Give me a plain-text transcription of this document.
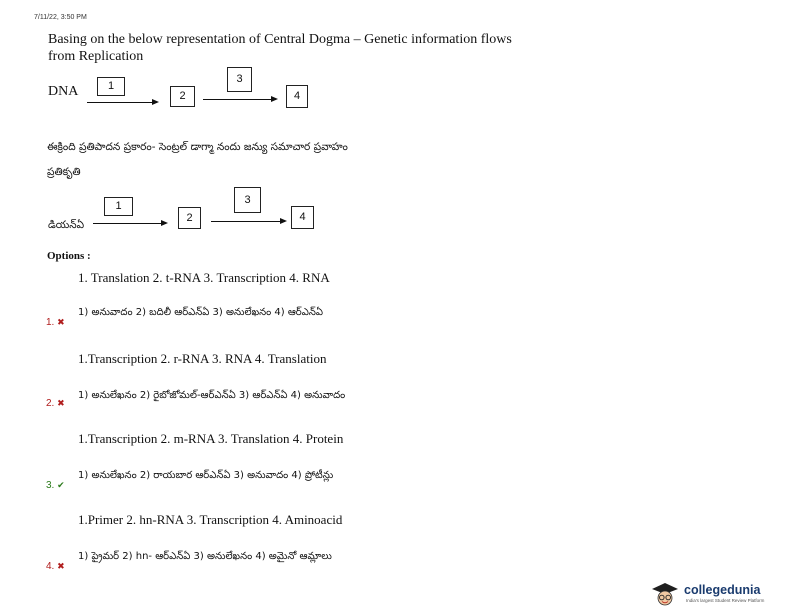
7/11/22, 3:50 PM
Basing on the below representation of Central Dogma – Genetic information flows
from Replication
DNA	1
2
3
4
ఈక్రింది ప్రతిపాదన ప్రకారం- సెంట్రల్ డాగ్మా నందు జన్యు సమాచార ప్రవాహం
ప్రతికృతి
డియన్ఏ
1
2
3
4
Options :
1. Translation 2. t-RNA 3. Transcription 4. RNA
1) అనువాదం 2) బదిలీ ఆర్ఎన్ఏ 3) అనులేఖనం 4) ఆర్ఎన్ఏ
1. ✖
1.Transcription 2. r-RNA 3. RNA 4. Translation
1) అనులేఖనం 2) రైబోజోమల్-ఆర్ఎన్ఏ 3) ఆర్ఎన్ఏ 4) అనువాదం
2. ✖
1.Transcription 2. m-RNA 3. Translation 4. Protein
1) అనులేఖనం 2) రాయబార ఆర్ఎన్ఏ 3) అనువాదం 4) ప్రోటీన్లు
3. ✔
1.Primer 2. hn-RNA 3. Transcription 4. Aminoacid
1) ప్రైమర్ 2) hn- ఆర్ఎన్ఏ 3) అనులేఖనం 4) అమైనో ఆమ్లాలు
4. ✖
collegedunia
India's largest Student Review Platform
